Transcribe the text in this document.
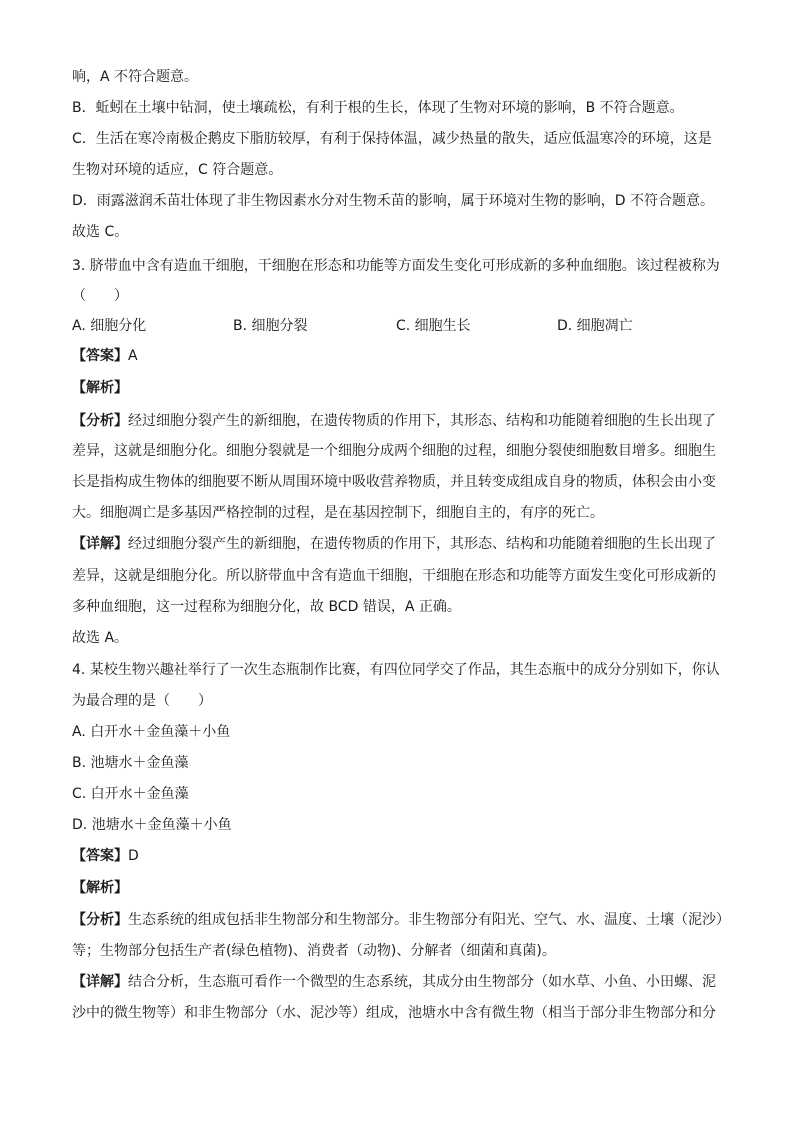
响，A 不符合题意。
B．蚯蚓在土壤中钻洞，使土壤疏松，有利于根的生长，体现了生物对环境的影响，B 不符合题意。
C．生活在寒冷南极企鹅皮下脂肪较厚，有利于保持体温，减少热量的散失，适应低温寒冷的环境，这是
生物对环境的适应，C 符合题意。
D．雨露滋润禾苗壮体现了非生物因素水分对生物禾苗的影响，属于环境对生物的影响，D 不符合题意。
故选 C。
3. 脐带血中含有造血干细胞，干细胞在形态和功能等方面发生变化可形成新的多种血细胞。该过程被称为
（　　）
A. 细胞分化	B. 细胞分裂	C. 细胞生长	D. 细胞凋亡
【答案】A
【解析】
【分析】经过细胞分裂产生的新细胞，在遗传物质的作用下，其形态、结构和功能随着细胞的生长出现了
差异，这就是细胞分化。细胞分裂就是一个细胞分成两个细胞的过程，细胞分裂使细胞数目增多。细胞生
长是指构成生物体的细胞要不断从周围环境中吸收营养物质，并且转变成组成自身的物质，体积会由小变
大。细胞凋亡是多基因严格控制的过程，是在基因控制下，细胞自主的，有序的死亡。
【详解】经过细胞分裂产生的新细胞，在遗传物质的作用下，其形态、结构和功能随着细胞的生长出现了
差异，这就是细胞分化。所以脐带血中含有造血干细胞，干细胞在形态和功能等方面发生变化可形成新的
多种血细胞，这一过程称为细胞分化，故 BCD 错误，A 正确。
故选 A。
4. 某校生物兴趣社举行了一次生态瓶制作比赛，有四位同学交了作品，其生态瓶中的成分分别如下，你认
为最合理的是（　　）
A. 白开水＋金鱼藻＋小鱼
B. 池塘水＋金鱼藻
C. 白开水＋金鱼藻
D. 池塘水＋金鱼藻＋小鱼
【答案】D
【解析】
【分析】生态系统的组成包括非生物部分和生物部分。非生物部分有阳光、空气、水、温度、土壤（泥沙）
等；生物部分包括生产者(绿色植物)、消费者（动物)、分解者（细菌和真菌)。
【详解】结合分析，生态瓶可看作一个微型的生态系统，其成分由生物部分（如水草、小鱼、小田螺、泥
沙中的微生物等）和非生物部分（水、泥沙等）组成，池塘水中含有微生物（相当于部分非生物部分和分
